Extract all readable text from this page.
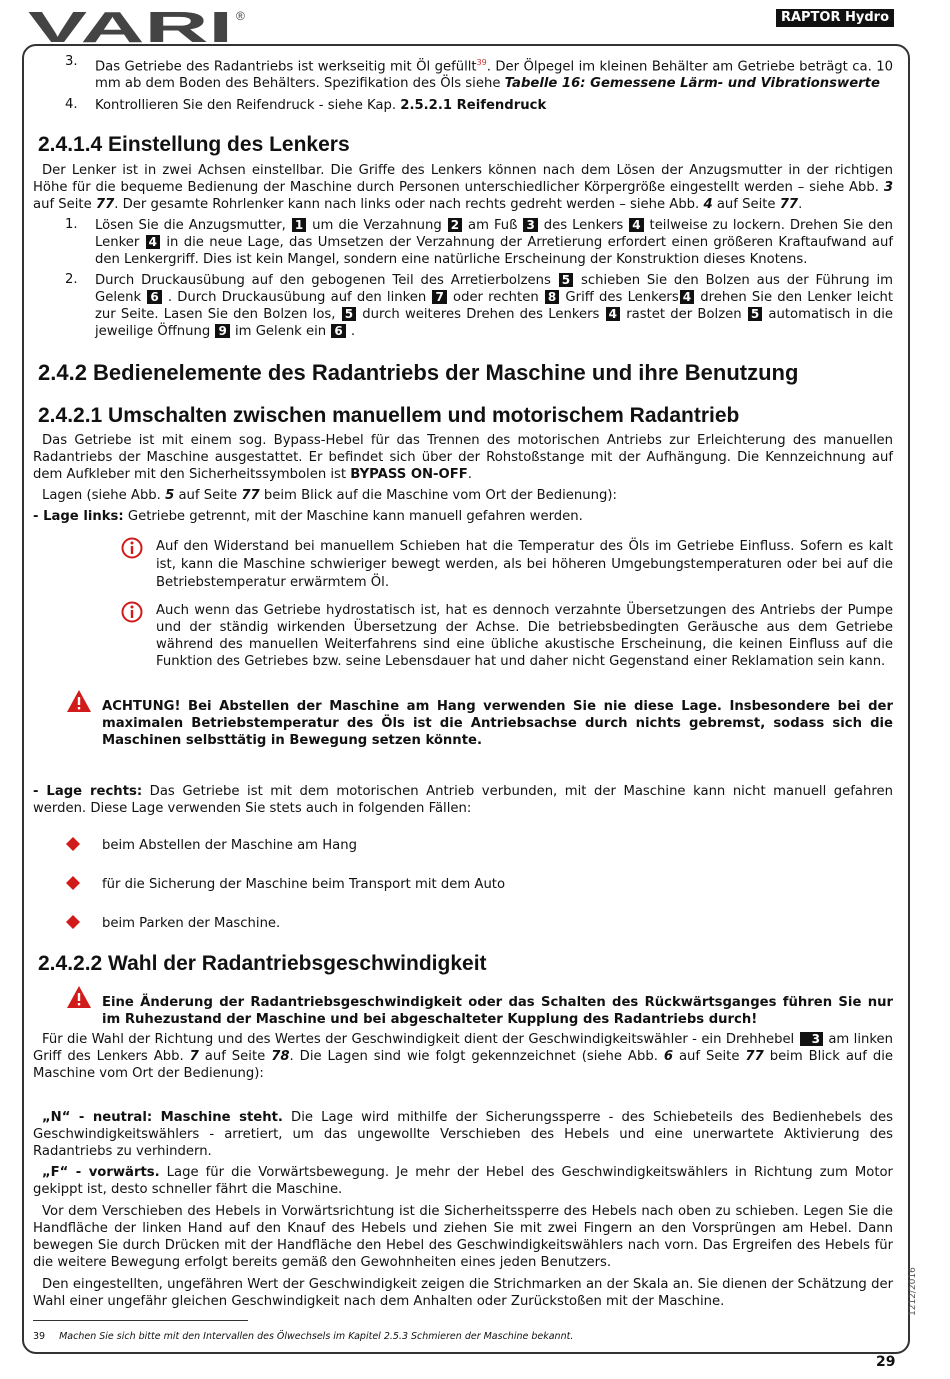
VARI ®	RAPTOR Hydro
3. Das Getriebe des Radantriebs ist werkseitig mit Öl gefüllt$^{39}$. Der Ölpegel im kleinen Behälter am Getriebe beträgt ca. 10 mm ab dem Boden des Behälters. Spezifikation des Öls siehe Tabelle 16: Gemessene Lärm- und Vibrationswerte

4. Kontrollieren Sie den Reifendruck - siehe Kap. 2.5.2.1 Reifendruck

2.4.1.4 Einstellung des Lenkers

Der Lenker ist in zwei Achsen einstellbar. Die Griffe des Lenkers können nach dem Lösen der Anzugsmutter in der richtigen Höhe für die bequeme Bedienung der Maschine durch Personen unterschiedlicher Körpergröße eingestellt werden – siehe Abb. 3 auf Seite 77. Der gesamte Rohrlenker kann nach links oder nach rechts gedreht werden – siehe Abb. 4 auf Seite 77.

1. Lösen Sie die Anzugsmutter, 1 um die Verzahnung 2 am Fuß 3 des Lenkers 4 teilweise zu lockern. Drehen Sie den Lenker 4 in die neue Lage, das Umsetzen der Verzahnung der Arretierung erfordert einen größeren Kraftaufwand auf den Lenkergriff. Dies ist kein Mangel, sondern eine natürliche Erscheinung der Konstruktion dieses Knotens.

2. Durch Druckausübung auf den gebogenen Teil des Arretierbolzens 5 schieben Sie den Bolzen aus der Führung im Gelenk 6 . Durch Druckausübung auf den linken 7 oder rechten 8 Griff des Lenkers 4 drehen Sie den Lenker leicht zur Seite. Lasen Sie den Bolzen los, 5 durch weiteres Drehen des Lenkers 4 rastet der Bolzen 5 automatisch in die jeweilige Öffnung 9 im Gelenk ein 6 .

2.4.2 Bedienelemente des Radantriebs der Maschine und ihre Benutzung
2.4.2.1 Umschalten zwischen manuellem und motorischem Radantrieb

Das Getriebe ist mit einem sog. Bypass-Hebel für das Trennen des motorischen Antriebs zur Erleichterung des manuellen Radantriebs der Maschine ausgestattet. Er befindet sich über der Rohstoßstange mit der Aufhängung. Die Kennzeichnung auf dem Aufkleber mit den Sicherheitssymbolen ist BYPASS ON-OFF.

Lagen (siehe Abb. 5 auf Seite 77 beim Blick auf die Maschine vom Ort der Bedienung):

- Lage links: Getriebe getrennt, mit der Maschine kann manuell gefahren werden.

Auf den Widerstand bei manuellem Schieben hat die Temperatur des Öls im Getriebe Einfluss. Sofern es kalt ist, kann die Maschine schwieriger bewegt werden, als bei höheren Umgebungstemperaturen oder bei auf die Betriebstemperatur erwärmtem Öl.

Auch wenn das Getriebe hydrostatisch ist, hat es dennoch verzahnte Übersetzungen des Antriebs der Pumpe und der ständig wirkenden Übersetzung der Achse. Die betriebsbedingten Geräusche aus dem Getriebe während des manuellen Weiterfahrens sind eine übliche akustische Erscheinung, die keinen Einfluss auf die Funktion des Getriebes bzw. seine Lebensdauer hat und daher nicht Gegenstand einer Reklamation sein kann.

ACHTUNG! Bei Abstellen der Maschine am Hang verwenden Sie nie diese Lage. Insbesondere bei der maximalen Betriebstemperatur des Öls ist die Antriebsachse durch nichts gebremst, sodass sich die Maschinen selbsttätig in Bewegung setzen könnte.

- Lage rechts: Das Getriebe ist mit dem motorischen Antrieb verbunden, mit der Maschine kann nicht manuell gefahren werden. Diese Lage verwenden Sie stets auch in folgenden Fällen:

beim Abstellen der Maschine am Hang

für die Sicherung der Maschine beim Transport mit dem Auto

beim Parken der Maschine.

2.4.2.2 Wahl der Radantriebsgeschwindigkeit

Eine Änderung der Radantriebsgeschwindigkeit oder das Schalten des Rückwärtsganges führen Sie nur im Ruhezustand der Maschine und bei abgeschalteter Kupplung des Radantriebs durch!

Für die Wahl der Richtung und des Wertes der Geschwindigkeit dient der Geschwindigkeitswähler - ein Drehhebel 3 am linken Griff des Lenkers Abb. 7 auf Seite 78. Die Lagen sind wie folgt gekennzeichnet (siehe Abb. 6 auf Seite 77 beim Blick auf die Maschine vom Ort der Bedienung):

„N“ - neutral: Maschine steht. Die Lage wird mithilfe der Sicherungssperre - des Schiebeteils des Bedienhebels des Geschwindigkeitswählers - arretiert, um das ungewollte Verschieben des Hebels und eine unerwartete Aktivierung des Radantriebs zu verhindern.

„F“ - vorwärts. Lage für die Vorwärtsbewegung. Je mehr der Hebel des Geschwindigkeitswählers in Richtung zum Motor gekippt ist, desto schneller fährt die Maschine.

Vor dem Verschieben des Hebels in Vorwärtsrichtung ist die Sicherheitssperre des Hebels nach oben zu schieben. Legen Sie die Handfläche der linken Hand auf den Knauf des Hebels und ziehen Sie mit zwei Fingern an den Vorsprüngen am Hebel. Dann bewegen Sie durch Drücken mit der Handfläche den Hebel des Geschwindigkeitswählers nach vorn. Das Ergreifen des Hebels für die weitere Bewegung erfolgt bereits gemäß den Gewohnheiten eines jeden Benutzers.

Den eingestellten, ungefähren Wert der Geschwindigkeit zeigen die Strichmarken an der Skala an. Sie dienen der Schätzung der Wahl einer ungefähr gleichen Geschwindigkeit nach dem Anhalten oder Zurückstoßen mit der Maschine.

39 Machen Sie sich bitte mit den Intervallen des Ölwechsels im Kapitel 2.5.3 Schmieren der Maschine bekannt.
29
1212/2016
